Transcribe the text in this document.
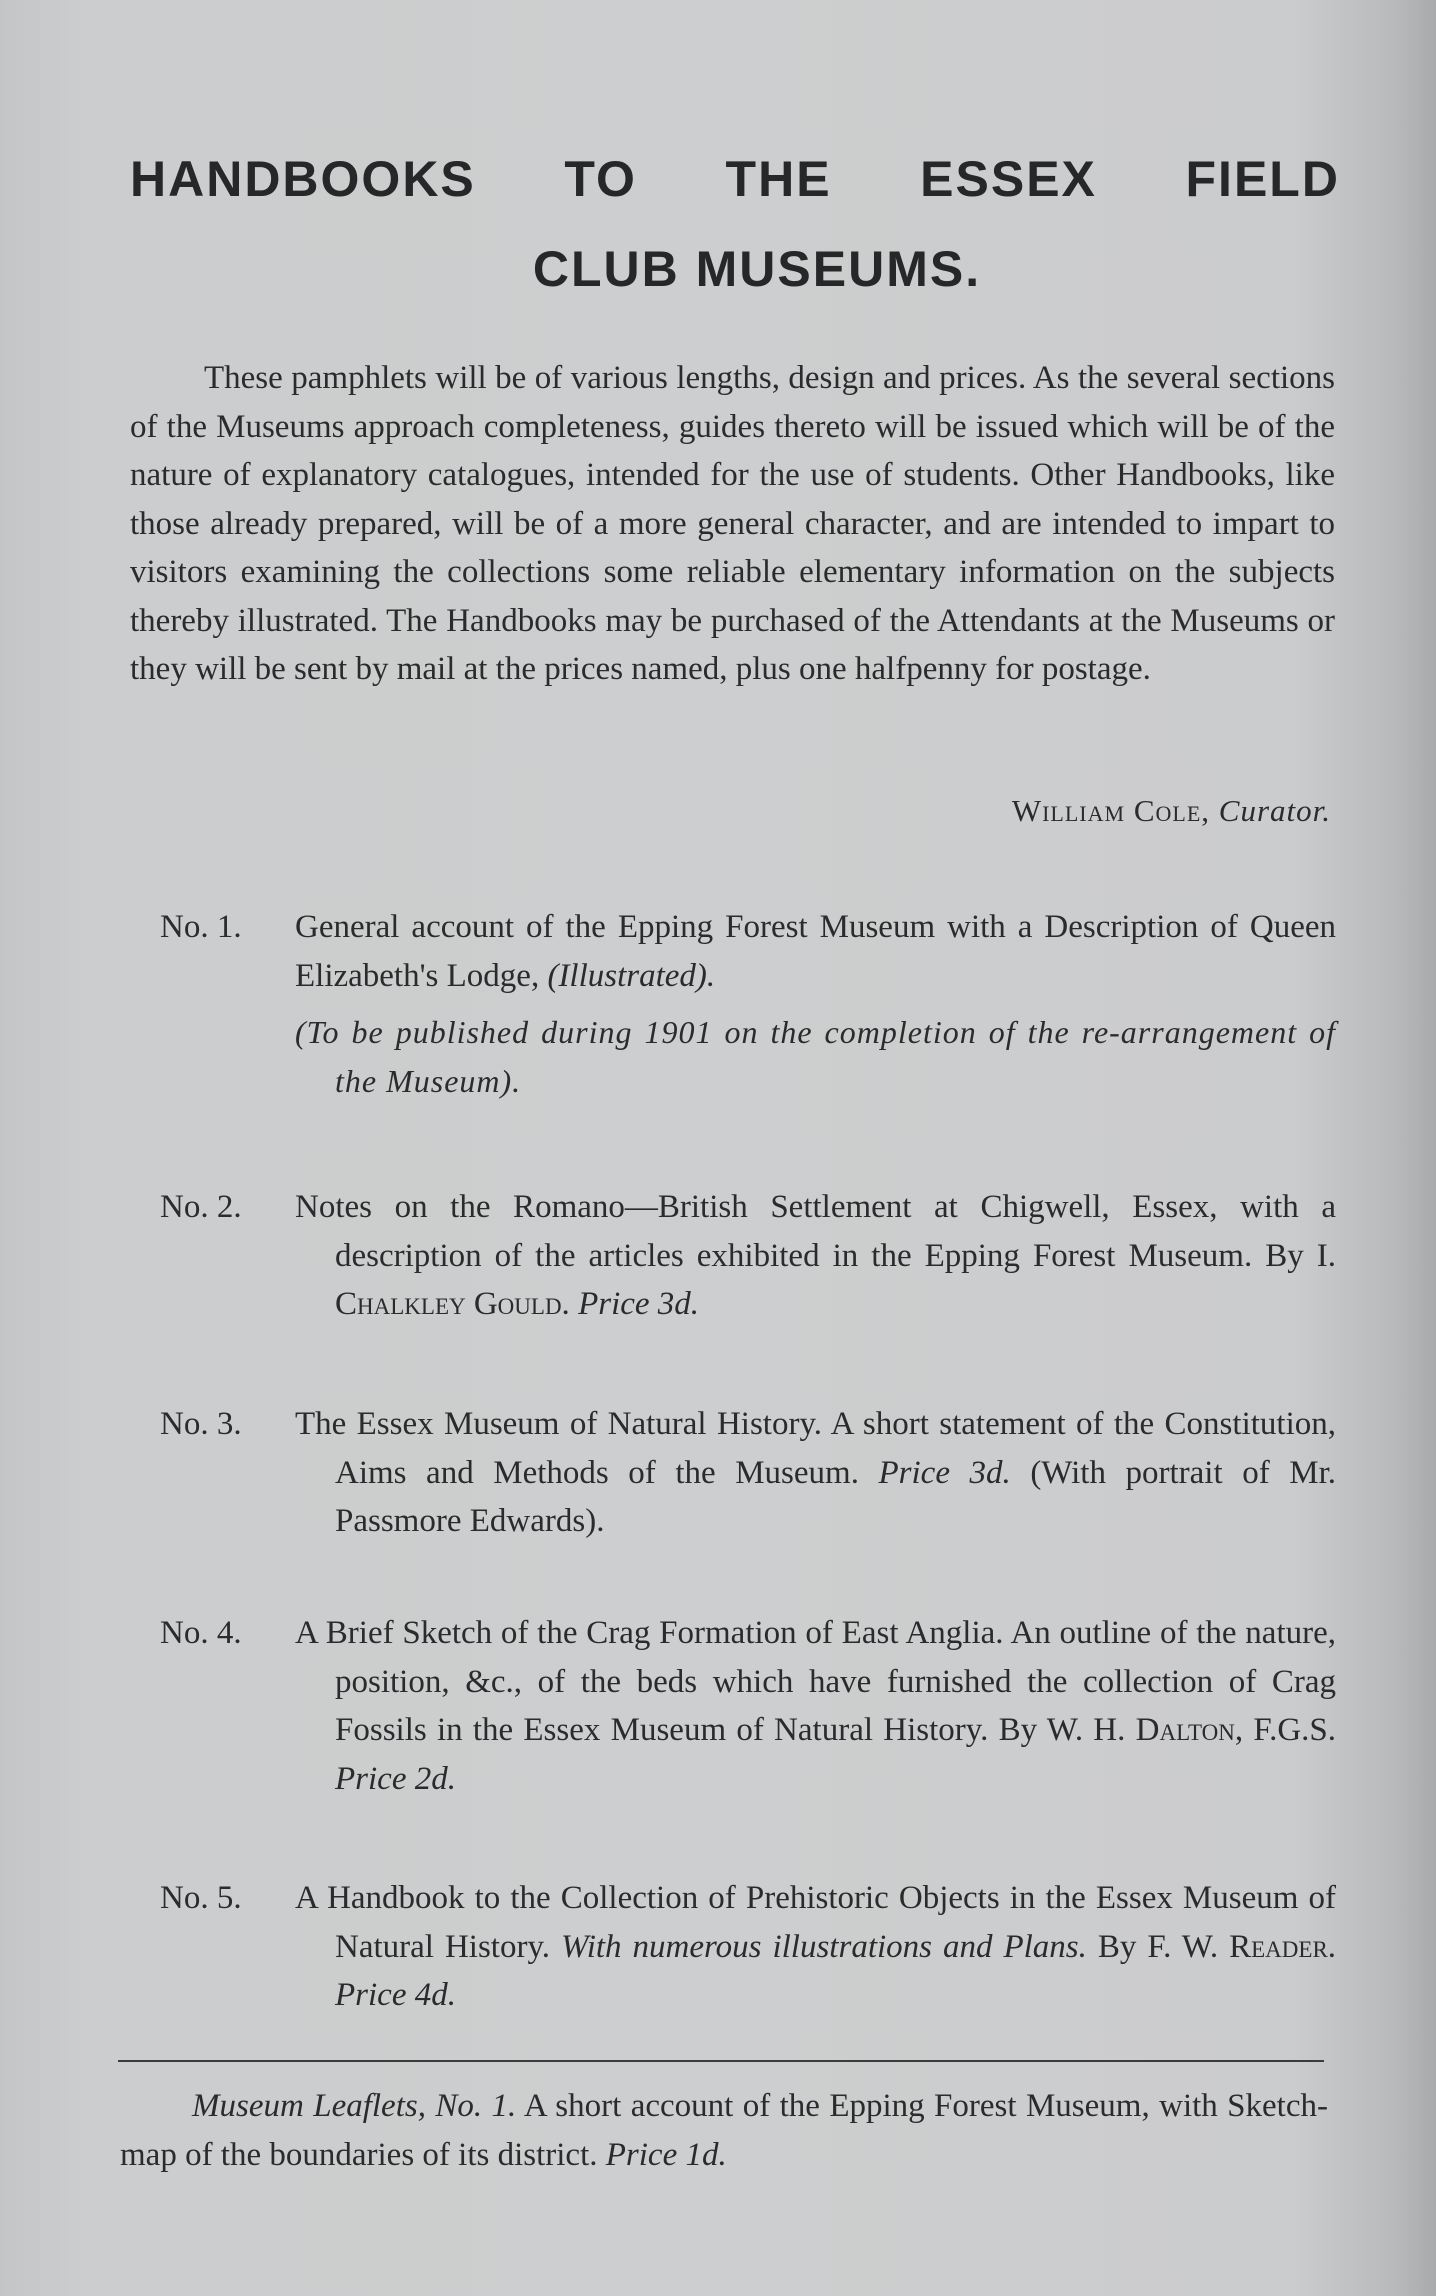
HANDBOOKS TO THE ESSEX FIELD
CLUB MUSEUMS.

These pamphlets will be of various lengths, design and prices. As the several sections of the Museums approach completeness, guides thereto will be issued which will be of the nature of explanatory catalogues, intended for the use of students. Other Handbooks, like those already prepared, will be of a more general character, and are intended to impart to visitors examining the collections some reliable elementary information on the subjects thereby illustrated. The Handbooks may be purchased of the Attendants at the Museums or they will be sent by mail at the prices named, plus one halfpenny for postage.

William Cole, Curator.
No. 1. General account of the Epping Forest Museum with a Description of Queen Elizabeth's Lodge, (Illustrated).
(To be published during 1901 on the completion of the re-arrangement of the Museum).
No. 2. Notes on the Romano—British Settlement at Chigwell, Essex, with a description of the articles exhibited in the Epping Forest Museum. By I. Chalkley Gould. Price 3d.
No. 3. The Essex Museum of Natural History. A short statement of the Constitution, Aims and Methods of the Museum. Price 3d. (With portrait of Mr. Passmore Edwards).
No. 4. A Brief Sketch of the Crag Formation of East Anglia. An outline of the nature, position, &c., of the beds which have furnished the collection of Crag Fossils in the Essex Museum of Natural History. By W. H. Dalton, F.G.S. Price 2d.
No. 5. A Handbook to the Collection of Prehistoric Objects in the Essex Museum of Natural History. With numerous illustrations and Plans. By F. W. Reader. Price 4d.
Museum Leaflets, No. 1. A short account of the Epping Forest Museum, with Sketch-map of the boundaries of its district. Price 1d.
